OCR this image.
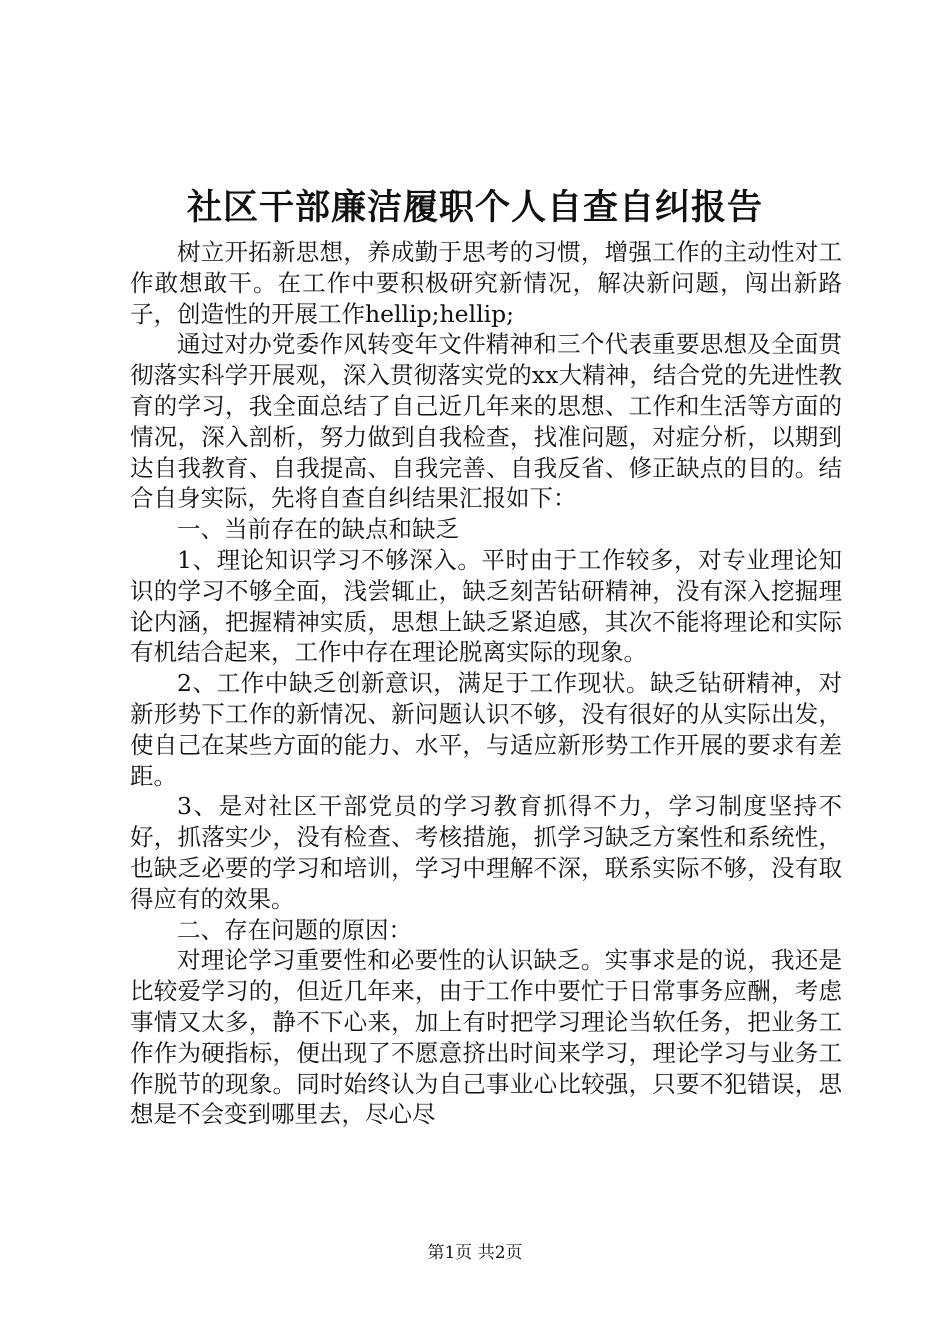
社区干部廉洁履职个人自查自纠报告

树立开拓新思想，养成勤于思考的习惯，增强工作的主动性对工作敢想敢干。在工作中要积极研究新情况，解决新问题，闯出新路子，创造性的开展工作hellip;hellip;

通过对办党委作风转变年文件精神和三个代表重要思想及全面贯彻落实科学开展观，深入贯彻落实党的xx大精神，结合党的先进性教育的学习，我全面总结了自己近几年来的思想、工作和生活等方面的情况，深入剖析，努力做到自我检查，找准问题，对症分析，以期到达自我教育、自我提高、自我完善、自我反省、修正缺点的目的。结合自身实际，先将自查自纠结果汇报如下：

一、当前存在的缺点和缺乏

1、理论知识学习不够深入。平时由于工作较多，对专业理论知识的学习不够全面，浅尝辄止，缺乏刻苦钻研精神，没有深入挖掘理论内涵，把握精神实质，思想上缺乏紧迫感，其次不能将理论和实际有机结合起来，工作中存在理论脱离实际的现象。

2、工作中缺乏创新意识，满足于工作现状。缺乏钻研精神，对新形势下工作的新情况、新问题认识不够，没有很好的从实际出发，使自己在某些方面的能力、水平，与适应新形势工作开展的要求有差距。

3、是对社区干部党员的学习教育抓得不力，学习制度坚持不好，抓落实少，没有检查、考核措施，抓学习缺乏方案性和系统性，也缺乏必要的学习和培训，学习中理解不深，联系实际不够，没有取得应有的效果。

二、存在问题的原因：

对理论学习重要性和必要性的认识缺乏。实事求是的说，我还是比较爱学习的，但近几年来，由于工作中要忙于日常事务应酬，考虑事情又太多，静不下心来，加上有时把学习理论当软任务，把业务工作作为硬指标，便出现了不愿意挤出时间来学习，理论学习与业务工作脱节的现象。同时始终认为自己事业心比较强，只要不犯错误，思想是不会变到哪里去，尽心尽

第1页 共2页
